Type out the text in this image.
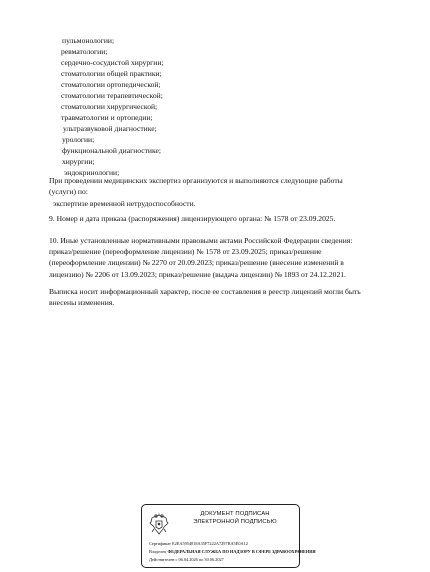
пульмонологии;
ревматологии;
сердечно-сосудистой хирургии;
стоматологии общей практики;
стоматологии ортопедической;
стоматологии терапевтической;
стоматологии хирургической;
травматологии и ортопедии;
ультразвуковой диагностике;
урологии;
функциональной диагностике;
хирургии;
эндокринологии;
При проведении медицинских экспертиз организуются и выполняются следующие работы
(услуги) по:
экспертизе временной нетрудоспособности.
9. Номер и дата приказа (распоряжения) лицензирующего органа: № 1578 от 23.09.2025.
10. Иные установленные нормативными правовыми актами Российской Федерации сведения:
приказ/решение (переоформление лицензии) № 1578 от 23.09.2025; приказ/решение
(переоформление лицензии) № 2270 от 20.09.2023; приказ/решение (внесение изменений в
лицензию) № 2206 от 13.09.2023; приказ/решение (выдача лицензии) № 1893 от 24.12.2021.
Выписка носит информационный характер, после ее составления в реестр лицензий могли быть
внесены изменения.
ДОКУМЕНТ ПОДПИСАН
ЭЛЕКТРОННОЙ ПОДПИСЬЮ
Сертификат E2EA5954818A35F7222A7297BA5E0A12
Владелец ФЕДЕРАЛЬНАЯ СЛУЖБА ПО НАДЗОРУ В СФЕРЕ ЗДРАВООХРАНЕНИЯ
Действителен с 06.04.2026 по 30.06.2027
